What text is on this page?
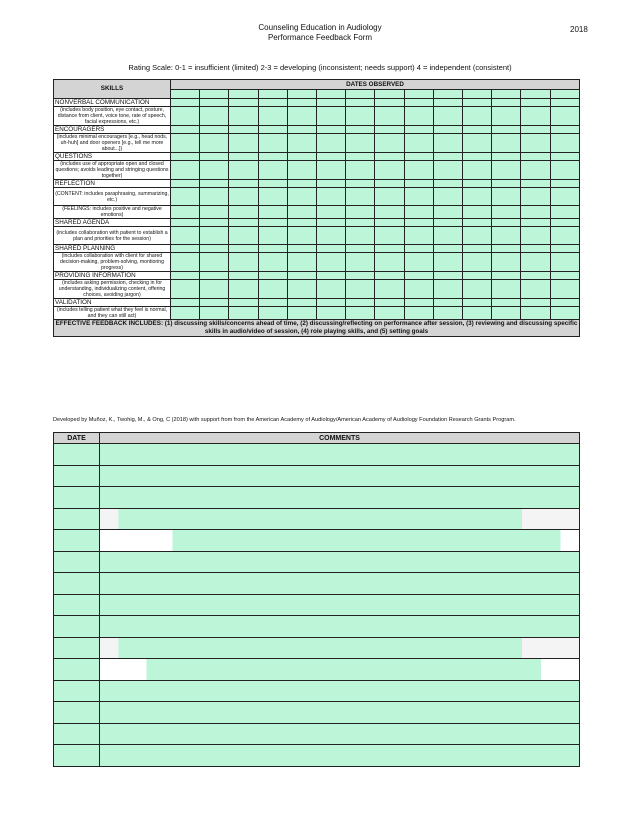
Counseling Education in Audiology
Performance Feedback Form
2018
Rating Scale: 0-1 = insufficient (limited) 2-3 = developing (inconsistent; needs support) 4 = independent (consistent)
SKILLS	DATES OBSERVED													

NONVERBAL COMMUNICATION														
(includes body position, eye contact, posture, distance from client, voice tone, rate of speech, facial expressions, etc.)														
ENCOURAGERS														
(includes minimal encouragers [e.g., head nods, uh-huh] and door openers [e.g., tell me more about...])														
QUESTIONS														
(includes use of appropriate open and closed questions; avoids leading and stringing questions together)														
REFLECTION														
(CONTENT: includes paraphrasing, summarizing, etc.)														
(FEELINGS: includes positive and negative emotions)														
SHARED AGENDA														
(includes collaboration with patient to establish a plan and priorities for the session)														
SHARED PLANNING														
(includes collaboration with client for shared decision-making, problem-solving, montioring progress)														
PROVIDING INFORMATION														
(includes asking permission, checking in for understanding, individualizing content, offering choices, avoiding jargon)														
VALIDATION														
(includes telling patient what they feel is normal, and they can still act)														
EFFECTIVE FEEDBACK INCLUDES: (1) discussing skills/concerns ahead of time, (2) discussing/reflecting on performance after session, (3) reviewing and discussing specific skills in audio/video of session, (4) role playing skills, and (5) setting goals														
Developed by Muñoz, K., Twohig, M., & Ong, C (2018) with support from from the American Academy of Audiology/American Academy of Audiology Foundation Research Grants Program.
DATE	COMMENTS
